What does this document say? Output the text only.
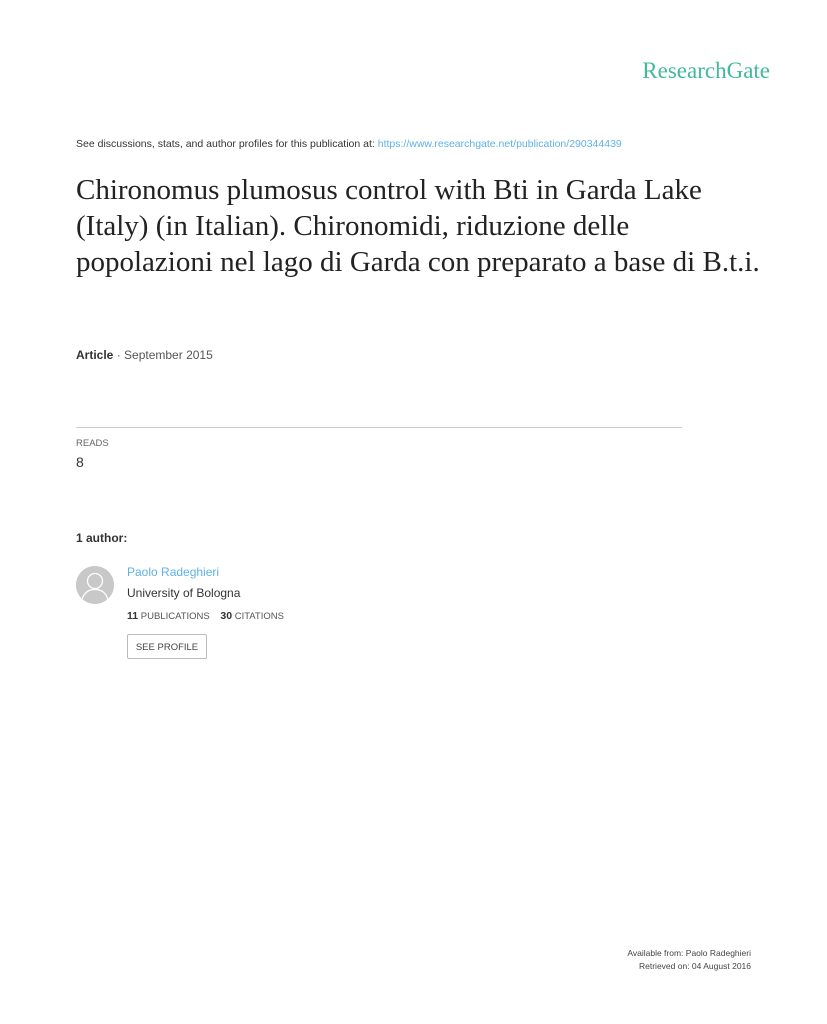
ResearchGate
See discussions, stats, and author profiles for this publication at: https://www.researchgate.net/publication/290344439
Chironomus plumosus control with Bti in Garda Lake (Italy) (in Italian). Chironomidi, riduzione delle popolazioni nel lago di Garda con preparato a base di B.t.i.
Article · September 2015
READS
8
1 author:
Paolo Radeghieri
University of Bologna
11 PUBLICATIONS 30 CITATIONS
SEE PROFILE
Available from: Paolo Radeghieri
Retrieved on: 04 August 2016
